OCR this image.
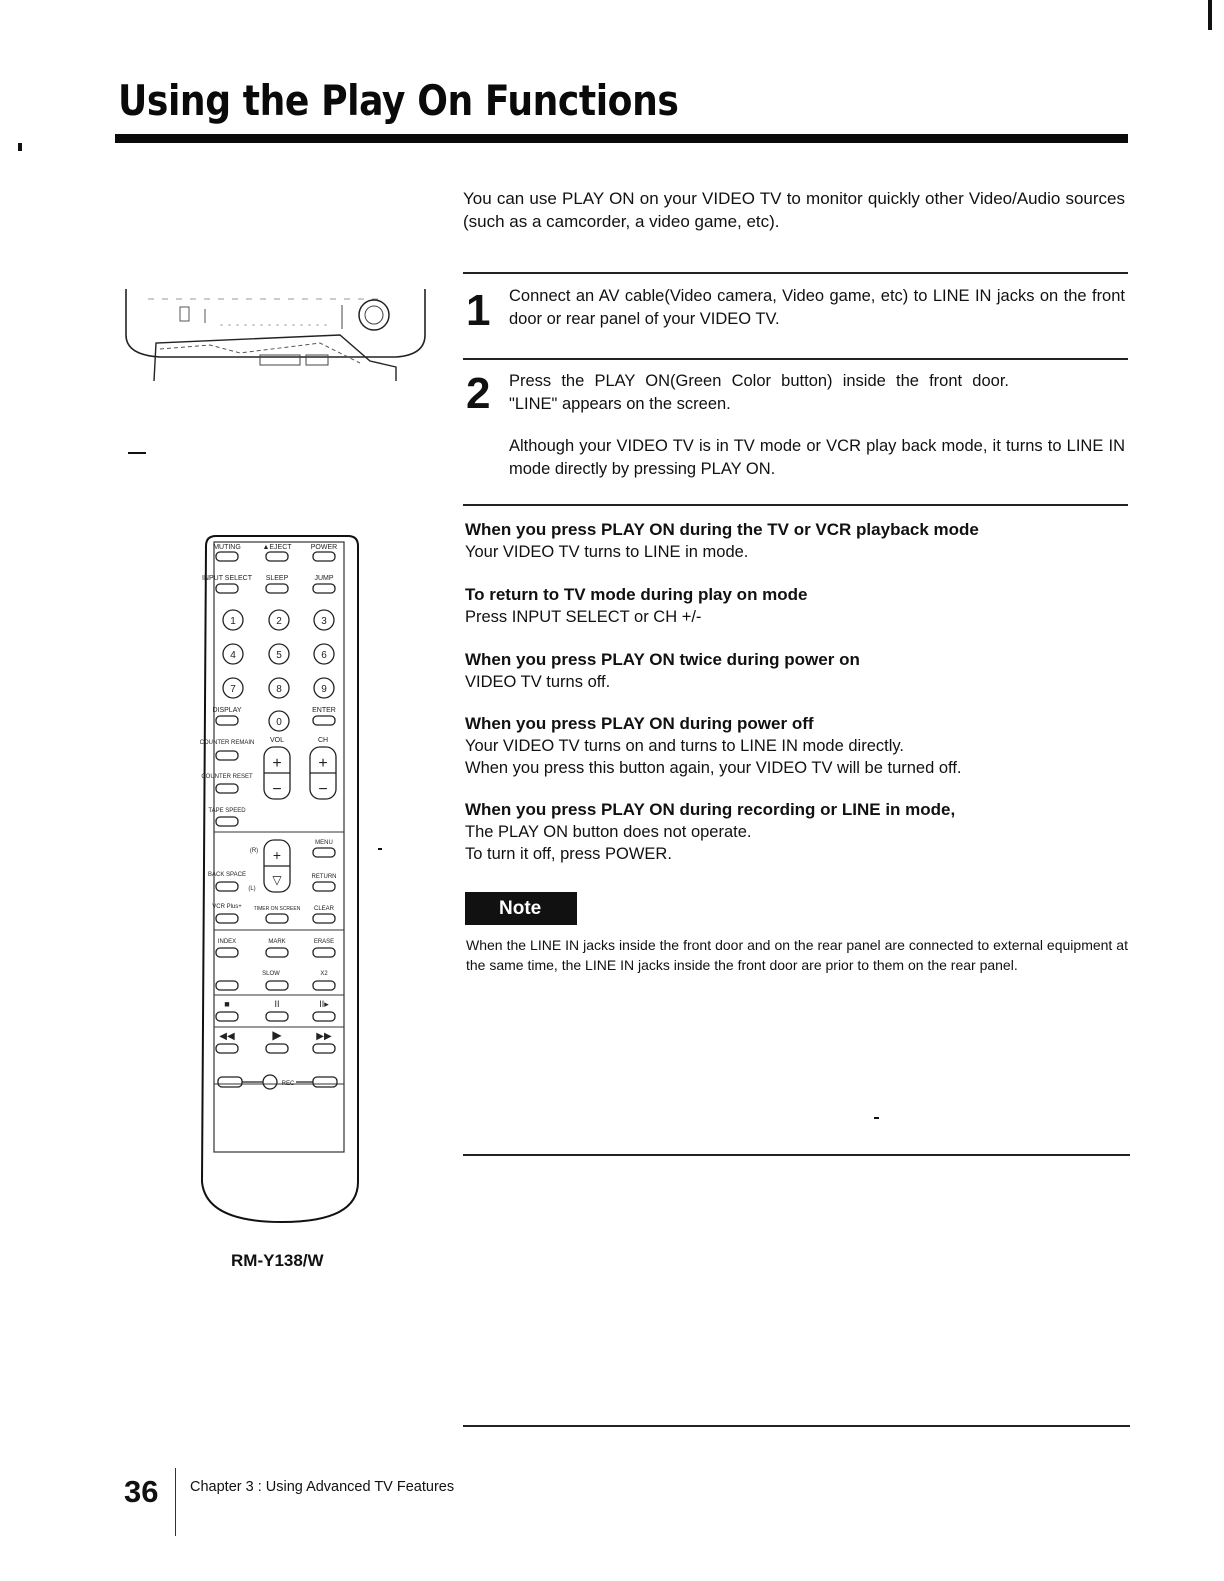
Using the Play On Functions

You can use PLAY ON on your VIDEO TV to monitor quickly other Video/Audio sources (such as a camcorder, a video game, etc).

1	2	3
4	5	6
7	8	9
0
+ +
− −
+
▽
■	II	II▸
◀◀	▶	▶▶
MUTING	▲EJECT	POWER
INPUT SELECT SLEEP	JUMP
DISPLAY	ENTER
COUNTER REMAIN VOL	CH
COUNTER RESET
TAPE SPEED
MENU
(R)
BACK SPACE	RETURN
(L)
VCR Plus+ TIMER ON SCREEN CLEAR
INDEX	MARK	ERASE
SLOW	X2
REC
RM-Y138/W
1 Connect an AV cable(Video camera, Video game, etc) to LINE IN jacks on the front door or rear panel of your VIDEO TV.

2 Press the PLAY ON(Green Color button) inside the front door. "LINE" appears on the screen.

Although your VIDEO TV is in TV mode or VCR play back mode, it turns to LINE IN mode directly by pressing PLAY ON.

When you press PLAY ON during the TV or VCR playback mode

Your VIDEO TV turns to LINE in mode.

To return to TV mode during play on mode

Press INPUT SELECT or CH +/-

When you press PLAY ON twice during power on

VIDEO TV turns off.

When you press PLAY ON during power off

Your VIDEO TV turns on and turns to LINE IN mode directly.

When you press this button again, your VIDEO TV will be turned off.

When you press PLAY ON during recording or LINE in mode,

The PLAY ON button does not operate.

To turn it off, press POWER.

Note

When the LINE IN jacks inside the front door and on the rear panel are connected to external equipment at the same time, the LINE IN jacks inside the front door are prior to them on the rear panel.

36 Chapter 3 : Using Advanced TV Features
